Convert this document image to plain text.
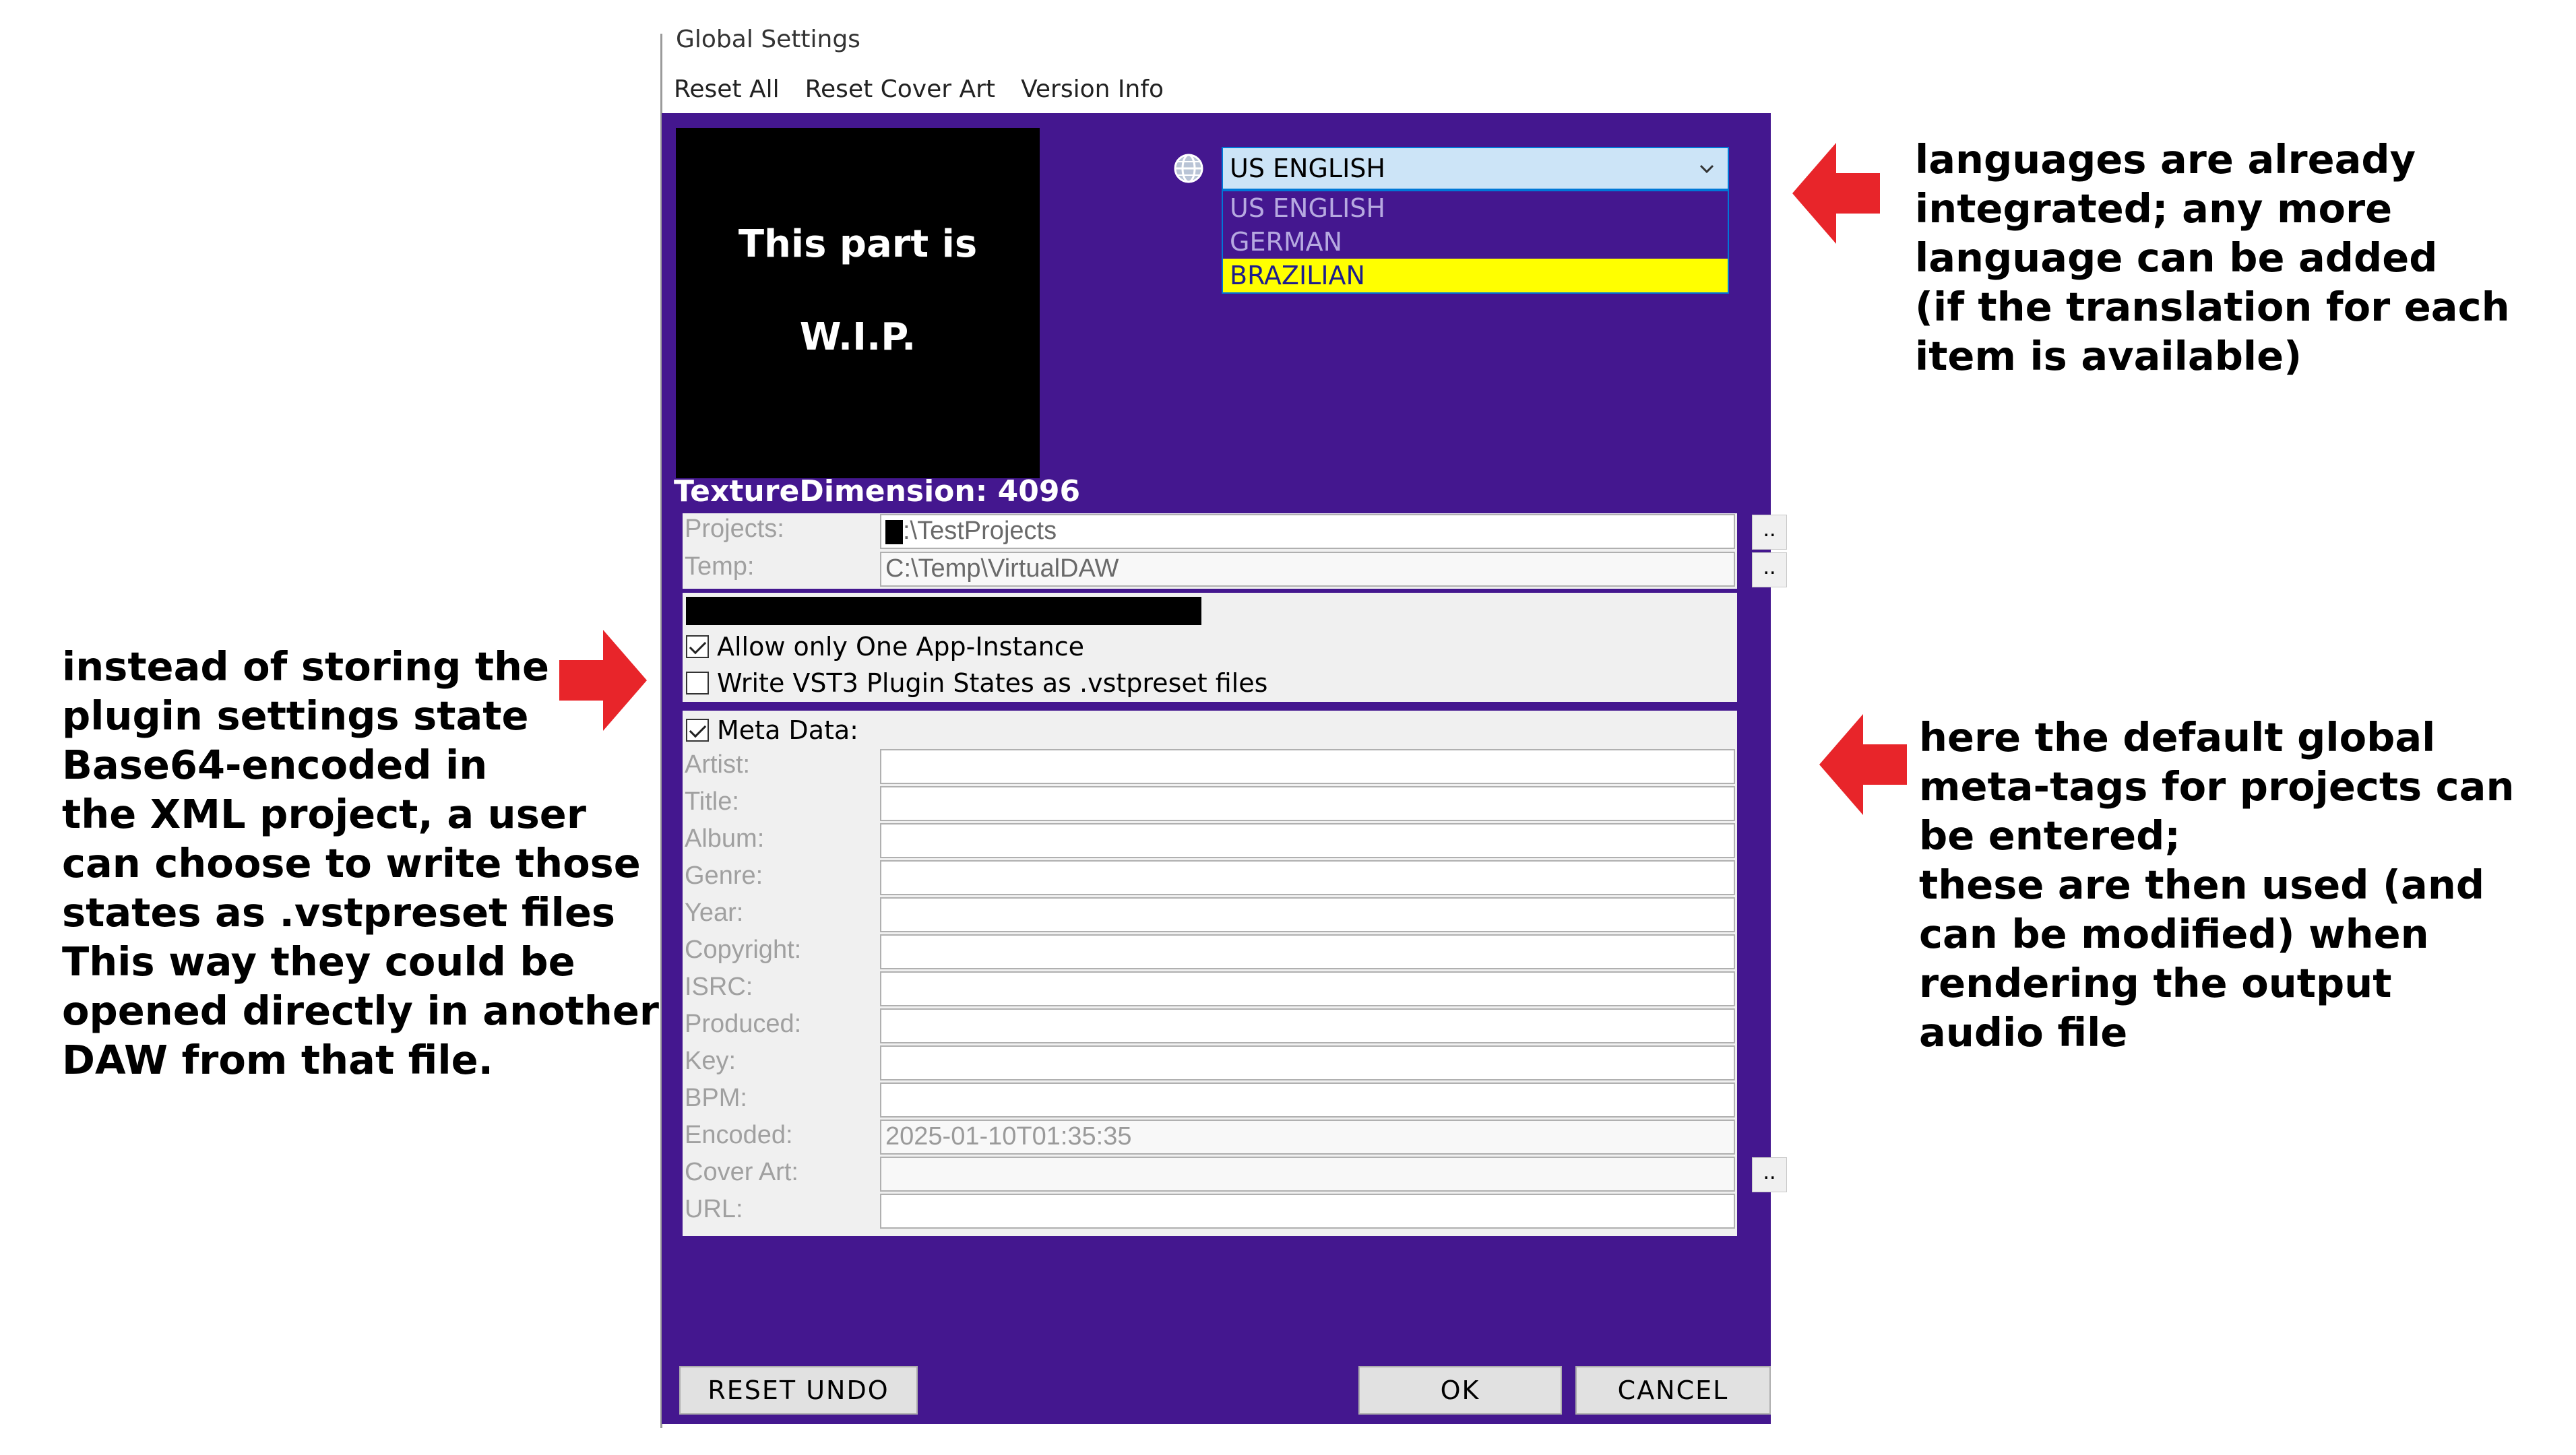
Global Settings
Reset All Reset Cover Art Version Info
This part is
W.I.P.
US ENGLISH
US ENGLISH
GERMAN
BRAZILIAN
Projects:	:\TestProjects
Temp:	C:\Temp\VirtualDAW
..
..
Allow only One App-Instance
Write VST3 Plugin States as .vstpreset files
Meta Data:
Artist:
Title:
Album:
Genre:
Year:
Copyright:
ISRC:
Produced:
Key:
BPM:
Encoded:	2025-01-10T01:35:35
Cover Art:
URL:
..
RESET UNDO	OK	CANCEL
languages are already
integrated; any more
language can be added
(if the translation for each
item is available)
instead of storing the
plugin settings state
Base64-encoded in
the XML project, a user
can choose to write those
states as .vstpreset files
This way they could be
opened directly in another
DAW from that file.
here the default global
meta-tags for projects can
be entered;
these are then used (and
can be modified) when
rendering the output
audio file
